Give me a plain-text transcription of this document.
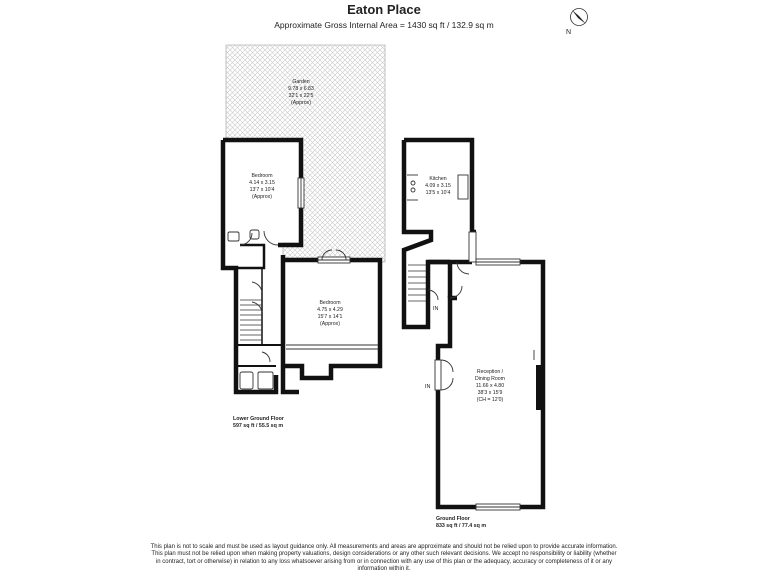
Eaton Place
Approximate Gross Internal Area = 1430 sq ft / 132.9 sq m
N
Garden
9.78 x 6.83
32'1 x 22'5
(Approx)
Bedroom
4.14 x 3.15
13'7 x 10'4
(Approx)
Bedroom
4.75 x 4.29
15'7 x 14'1
(Approx)
Kitchen
4.09 x 3.15
13'5 x 10'4
Reception /
Dining Room
11.66 x 4.80
38'3 x 15'9
(CH = 12'0)
IN
IN
Lower Ground Floor
597 sq ft / 55.5 sq m
Ground Floor
833 sq ft / 77.4 sq m
This plan is not to scale and must be used as layout guidance only. All measurements and areas are approximate and should not be relied upon to provide accurate information. This plan must not be relied upon when making property valuations, design considerations or any other such relevant decisions. We accept no responsibility or liability (whether in contract, tort or otherwise) in relation to any loss whatsoever arising from or in connection with any use of this plan or the adequacy, accuracy or completeness of it or any information within it.
